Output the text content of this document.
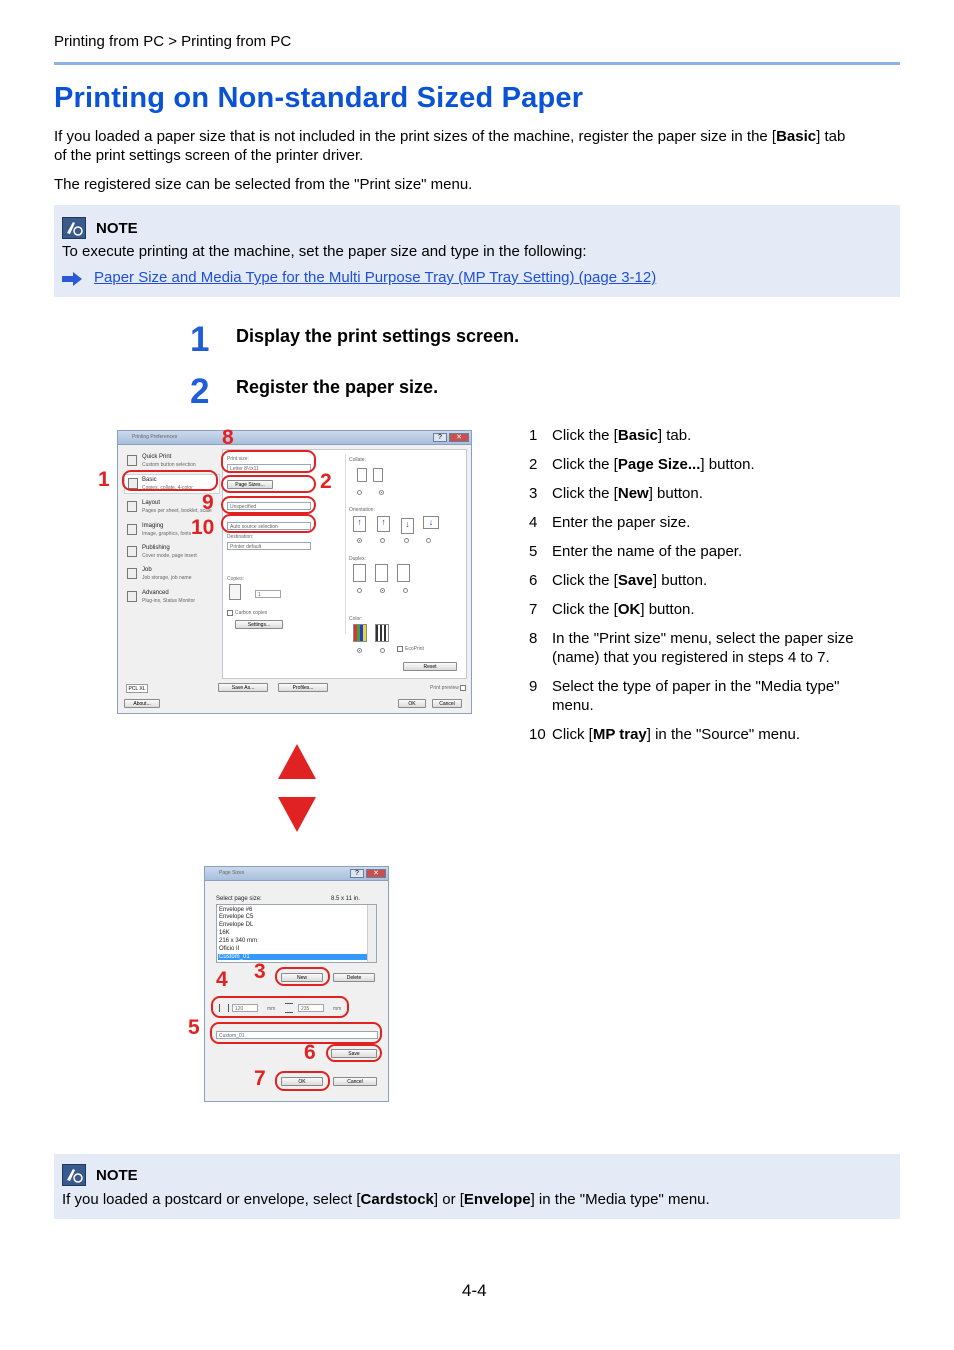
Printing from PC > Printing from PC
Printing on Non-standard Sized Paper
If you loaded a paper size that is not included in the print sizes of the machine, register the paper size in the [Basic] tab
of the print settings screen of the printer driver.
The registered size can be selected from the "Print size" menu.
NOTE
To execute printing at the machine, set the paper size and type in the following:
Paper Size and Media Type for the Multi Purpose Tray (MP Tray Setting) (page 3-12)
1 Display the print settings screen.
2 Register the paper size.
1 Click the [Basic] tab.
2 Click the [Page Size...] button.
3 Click the [New] button.
4 Enter the paper size.
5 Enter the name of the paper.
6 Click the [Save] button.
7 Click the [OK] button.
8 In the "Print size" menu, select the paper size
(name) that you registered in steps 4 to 7.
9 Select the type of paper in the "Media type"
menu.
10 Click [MP tray] in the "Source" menu.
Printing Preferences	?	✕
Quick Print
Custom button selection
Basic
Copies, collate, 4-color
Layout
Pages per sheet, booklet, scale
Imaging
Image, graphics, fonts
Publishing
Cover mode, page insert
Job
Job storage, job name
Advanced
Plug-ins, Status Monitor
Print size:
Letter 8½x11
Page Sizes...
Unspecified
Auto source selection
Destination:
Printer default
Copies:
1
Carbon copies
Settings...
Collate:
Orientation:
↑	↑	↓	↓
Duplex:
Color:
EcoPrint
Reset
PCL XL	Save As...	Profiles...	Print preview
About...	OK	Cancel
8
1	2
9
10
Page Sizes	?	✕
Select page size:	8.5 x 11 in.
Envelope #6
Envelope C5
Envelope DL
16K
216 x 340 mm
Oficio II
Custom_01
New	Delete
120	mm	235	mm
Custom_01
Save
OK	Cancel
3
4
5
6
7
NOTE
If you loaded a postcard or envelope, select [Cardstock] or [Envelope] in the "Media type" menu.
4-4
